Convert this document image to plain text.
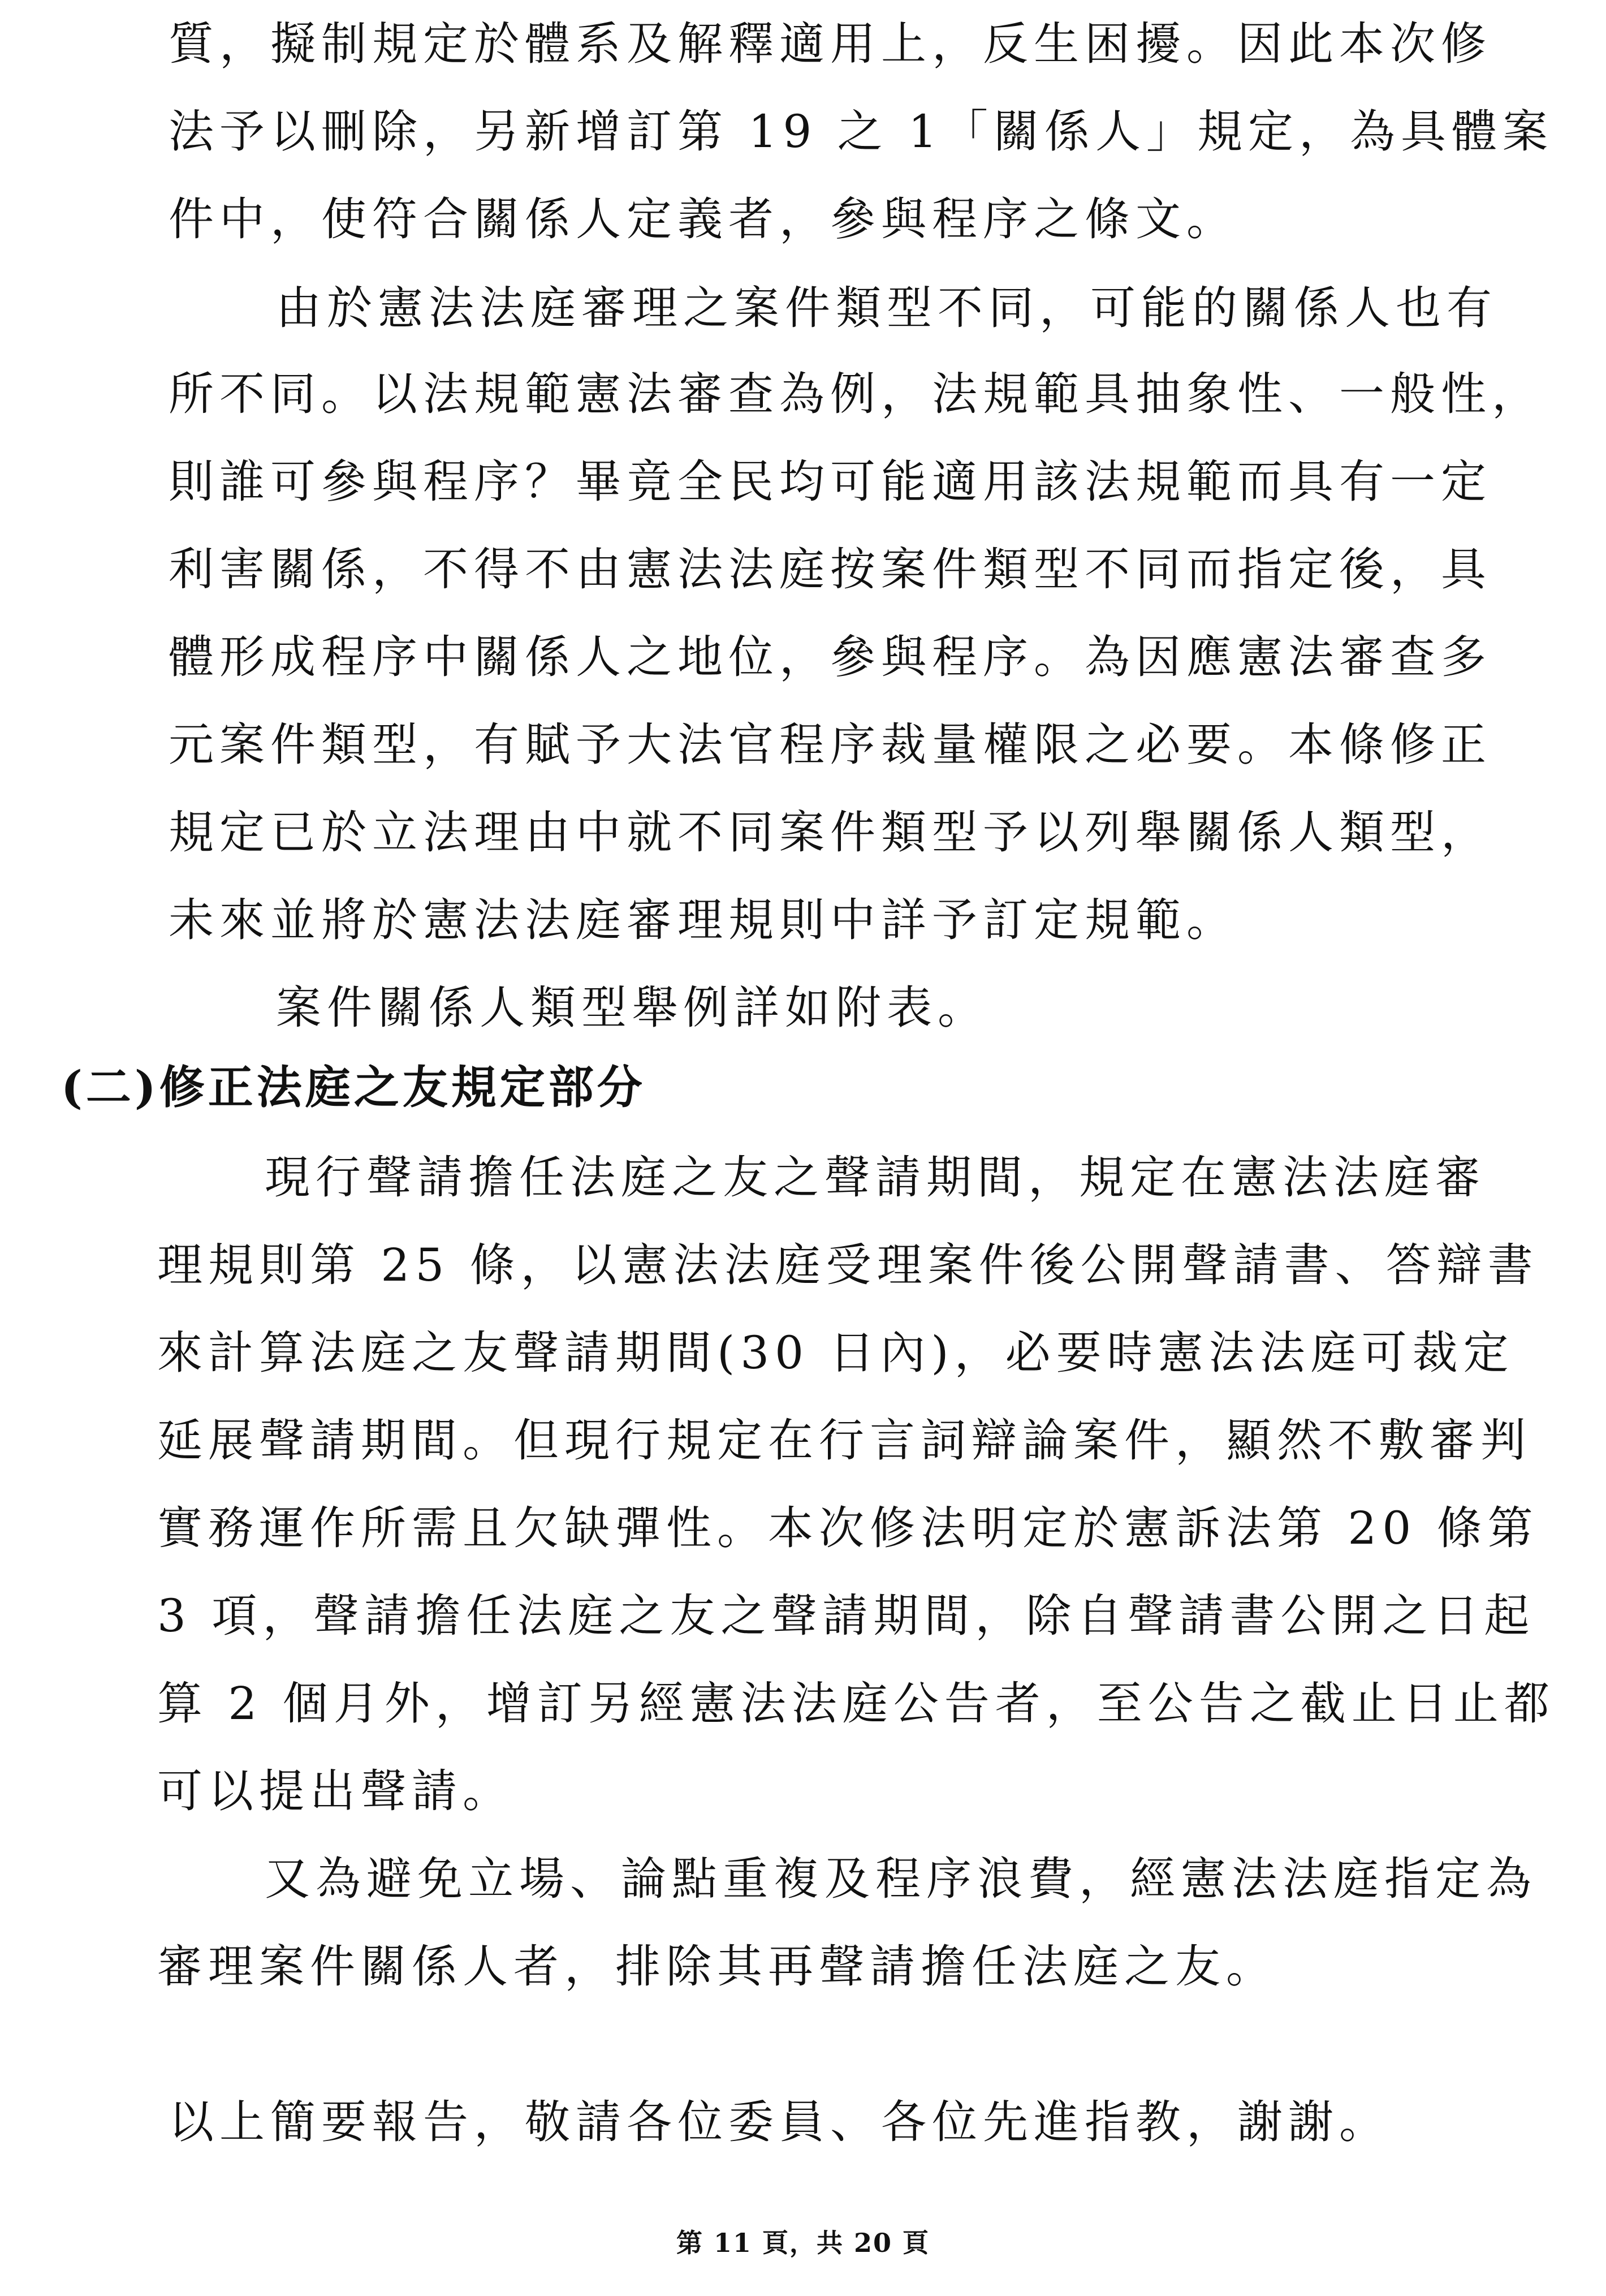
質，擬制規定於體系及解釋適用上，反生困擾。因此本次修
法予以刪除，另新增訂第 19 之 1「關係人」規定，為具體案
件中，使符合關係人定義者，參與程序之條文。
由於憲法法庭審理之案件類型不同，可能的關係人也有
所不同。以法規範憲法審查為例，法規範具抽象性、一般性，
則誰可參與程序？畢竟全民均可能適用該法規範而具有一定
利害關係，不得不由憲法法庭按案件類型不同而指定後，具
體形成程序中關係人之地位，參與程序。為因應憲法審查多
元案件類型，有賦予大法官程序裁量權限之必要。本條修正
規定已於立法理由中就不同案件類型予以列舉關係人類型，
未來並將於憲法法庭審理規則中詳予訂定規範。
案件關係人類型舉例詳如附表。
(二)修正法庭之友規定部分
現行聲請擔任法庭之友之聲請期間，規定在憲法法庭審
理規則第 25 條，以憲法法庭受理案件後公開聲請書、答辯書
來計算法庭之友聲請期間(30 日內)，必要時憲法法庭可裁定
延展聲請期間。但現行規定在行言詞辯論案件，顯然不敷審判
實務運作所需且欠缺彈性。本次修法明定於憲訴法第 20 條第
3 項，聲請擔任法庭之友之聲請期間，除自聲請書公開之日起
算 2 個月外，增訂另經憲法法庭公告者，至公告之截止日止都
可以提出聲請。
又為避免立場、論點重複及程序浪費，經憲法法庭指定為
審理案件關係人者，排除其再聲請擔任法庭之友。
以上簡要報告，敬請各位委員、各位先進指教，謝謝。
第 11 頁，共 20 頁
